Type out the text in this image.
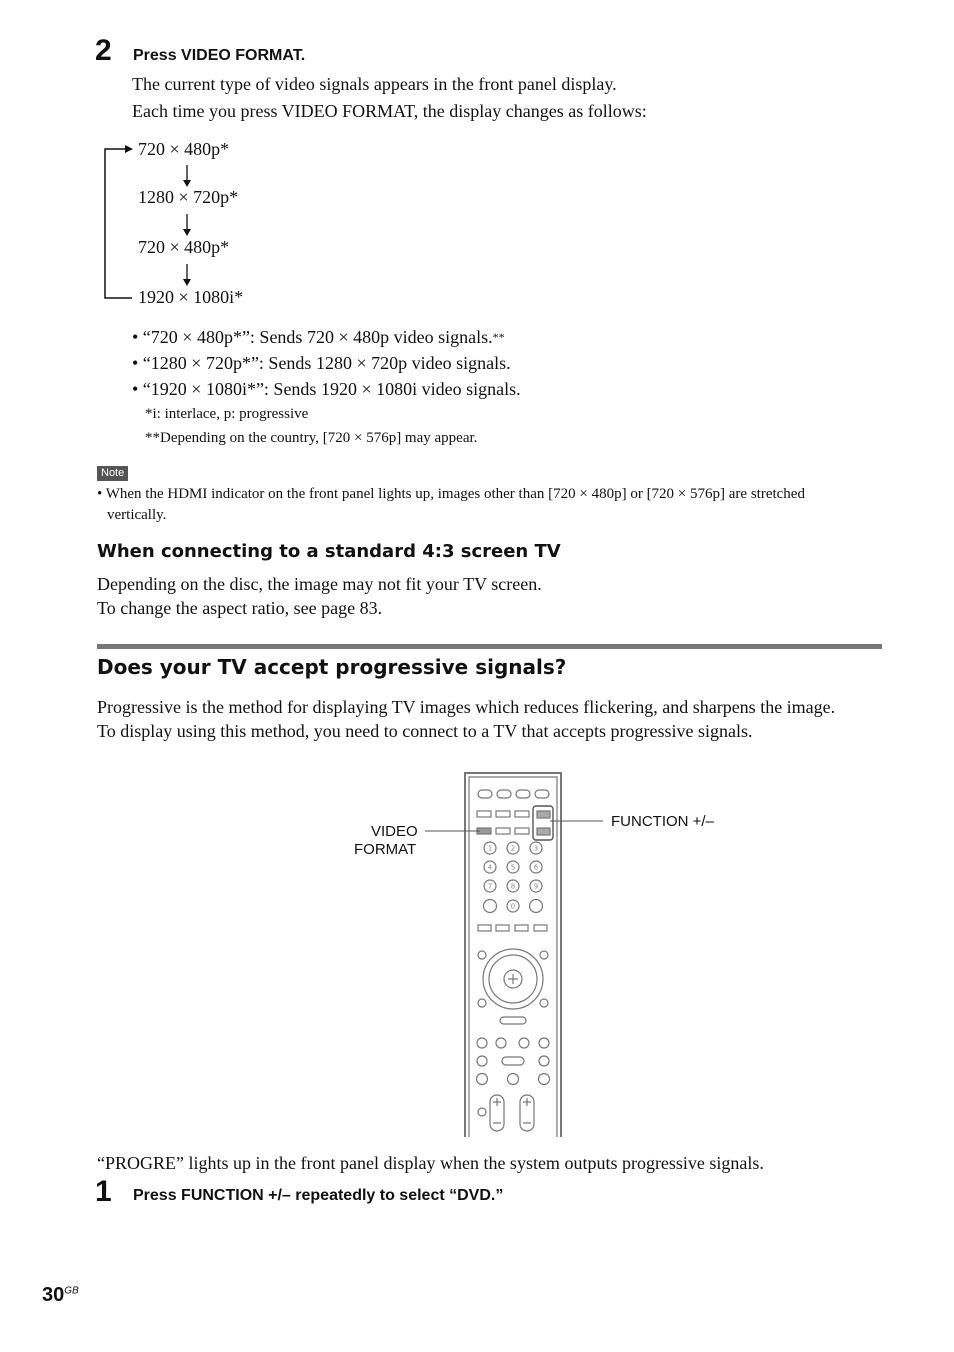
2 Press VIDEO FORMAT.
The current type of video signals appears in the front panel display.
Each time you press VIDEO FORMAT, the display changes as follows:
720 × 480p*
1280 × 720p*
720 × 480p*
1920 × 1080i*
• “720 × 480p*”: Sends 720 × 480p video signals.**
• “1280 × 720p*”: Sends 1280 × 720p video signals.
• “1920 × 1080i*”: Sends 1920 × 1080i video signals.
*i: interlace, p: progressive
**Depending on the country, [720 × 576p] may appear.
Note
• When the HDMI indicator on the front panel lights up, images other than [720 × 480p] or [720 × 576p] are stretched
vertically.
When connecting to a standard 4:3 screen TV
Depending on the disc, the image may not fit your TV screen.
To change the aspect ratio, see page 83.
Does your TV accept progressive signals?
Progressive is the method for displaying TV images which reduces flickering, and sharpens the image.
To display using this method, you need to connect to a TV that accepts progressive signals.
1	2	3
4	5	6
7	8	9
0
VIDEO
FORMAT
FUNCTION +/–
“PROGRE” lights up in the front panel display when the system outputs progressive signals.
1 Press FUNCTION +/– repeatedly to select “DVD.”
$30^{GB}$
